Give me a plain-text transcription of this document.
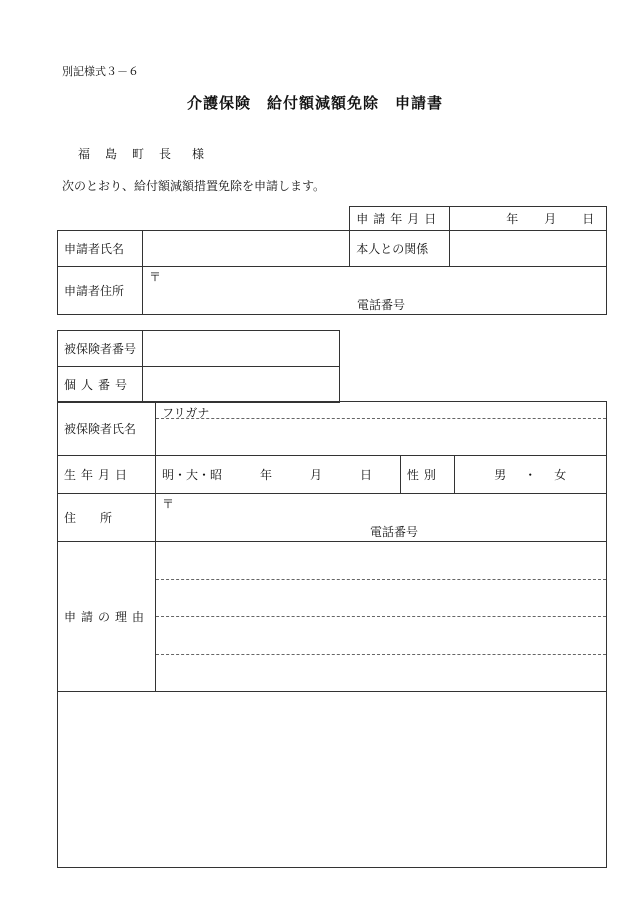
別記様式３－６
介護保険　給付額減額免除　申請書
福 島 町 長 様
次のとおり、給付額減額措置免除を申請します。
		申請年月日	年 月 日
申請者氏名		本人との関係	
申請者住所	〒
電話番号		
被保険者番号	
個人番号	
被保険者氏名	フリガナ		

生年月日	明・大・昭 年 月 日	性別	男 ・ 女
住　　所	〒
電話番号		

申請の理由			
